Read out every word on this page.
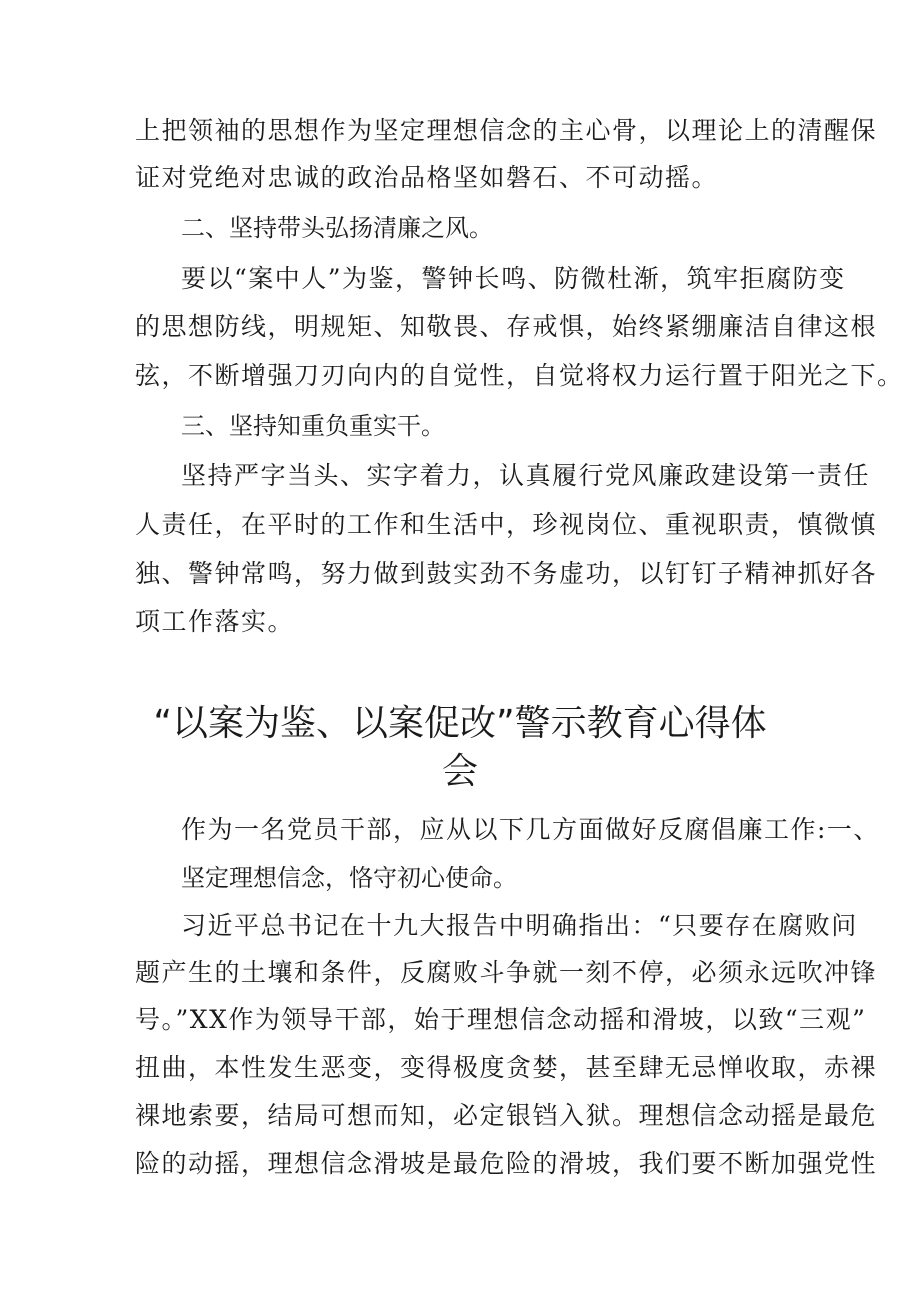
上把领袖的思想作为坚定理想信念的主心骨，以理论上的清醒保
证对党绝对忠诚的政治品格坚如磐石、不可动摇。
二、坚持带头弘扬清廉之风。
要以“案中人”为鉴，警钟长鸣、防微杜渐，筑牢拒腐防变
的思想防线，明规矩、知敬畏、存戒惧，始终紧绷廉洁自律这根
弦，不断增强刀刃向内的自觉性，自觉将权力运行置于阳光之下。
三、坚持知重负重实干。
坚持严字当头、实字着力，认真履行党风廉政建设第一责任
人责任，在平时的工作和生活中，珍视岗位、重视职责，慎微慎
独、警钟常鸣，努力做到鼓实劲不务虚功，以钉钉子精神抓好各
项工作落实。
“以案为鉴、以案促改”警示教育心得体
会
作为一名党员干部，应从以下几方面做好反腐倡廉工作:一、
坚定理想信念，恪守初心使命。
习近平总书记在十九大报告中明确指出：“只要存在腐败问
题产生的土壤和条件，反腐败斗争就一刻不停，必须永远吹冲锋
号。”XX作为领导干部，始于理想信念动摇和滑坡，以致“三观”
扭曲，本性发生恶变，变得极度贪婪，甚至肆无忌惮收取，赤裸
裸地索要，结局可想而知，必定银铛入狱。理想信念动摇是最危
险的动摇，理想信念滑坡是最危险的滑坡，我们要不断加强党性
